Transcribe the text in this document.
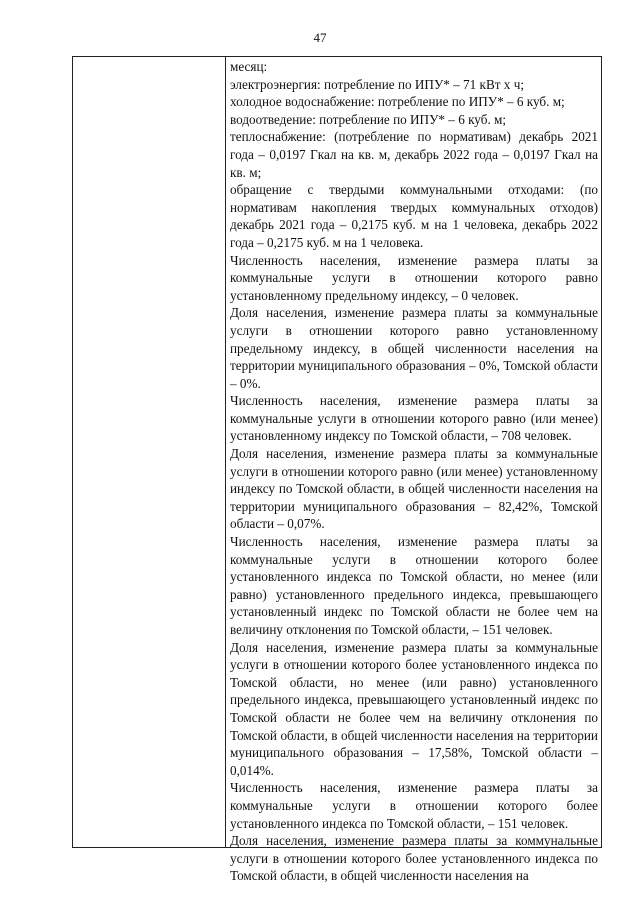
47

месяц:

электроэнергия: потребление по ИПУ* – 71 кВт х ч;

холодное водоснабжение: потребление по ИПУ* – 6 куб. м;

водоотведение: потребление по ИПУ* – 6 куб. м;

теплоснабжение: (потребление по нормативам) декабрь 2021 года – 0,0197 Гкал на кв. м, декабрь 2022 года – 0,0197 Гкал на кв. м;

обращение с твердыми коммунальными отходами: (по нормативам накопления твердых коммунальных отходов) декабрь 2021 года – 0,2175 куб. м на 1 человека, декабрь 2022 года – 0,2175 куб. м на 1 человека.

Численность населения, изменение размера платы за коммунальные услуги в отношении которого равно установленному предельному индексу, – 0 человек.

Доля населения, изменение размера платы за коммунальные услуги в отношении которого равно установленному предельному индексу, в общей численности населения на территории муниципального образования – 0%, Томской области – 0%.

Численность населения, изменение размера платы за коммунальные услуги в отношении которого равно (или менее) установленному индексу по Томской области, – 708 человек.

Доля населения, изменение размера платы за коммунальные услуги в отношении которого равно (или менее) установленному индексу по Томской области, в общей численности населения на территории муниципального образования – 82,42%, Томской области – 0,07%.

Численность населения, изменение размера платы за коммунальные услуги в отношении которого более установленного индекса по Томской области, но менее (или равно) установленного предельного индекса, превышающего установленный индекс по Томской области не более чем на величину отклонения по Томской области, – 151 человек.

Доля населения, изменение размера платы за коммунальные услуги в отношении которого более установленного индекса по Томской области, но менее (или равно) установленного предельного индекса, превышающего установленный индекс по Томской области не более чем на величину отклонения по Томской области, в общей численности населения на территории муниципального образования – 17,58%, Томской области – 0,014%.

Численность населения, изменение размера платы за коммунальные услуги в отношении которого более установленного индекса по Томской области, – 151 человек.

Доля населения, изменение размера платы за коммунальные услуги в отношении которого более установленного индекса по Томской области, в общей численности населения на
